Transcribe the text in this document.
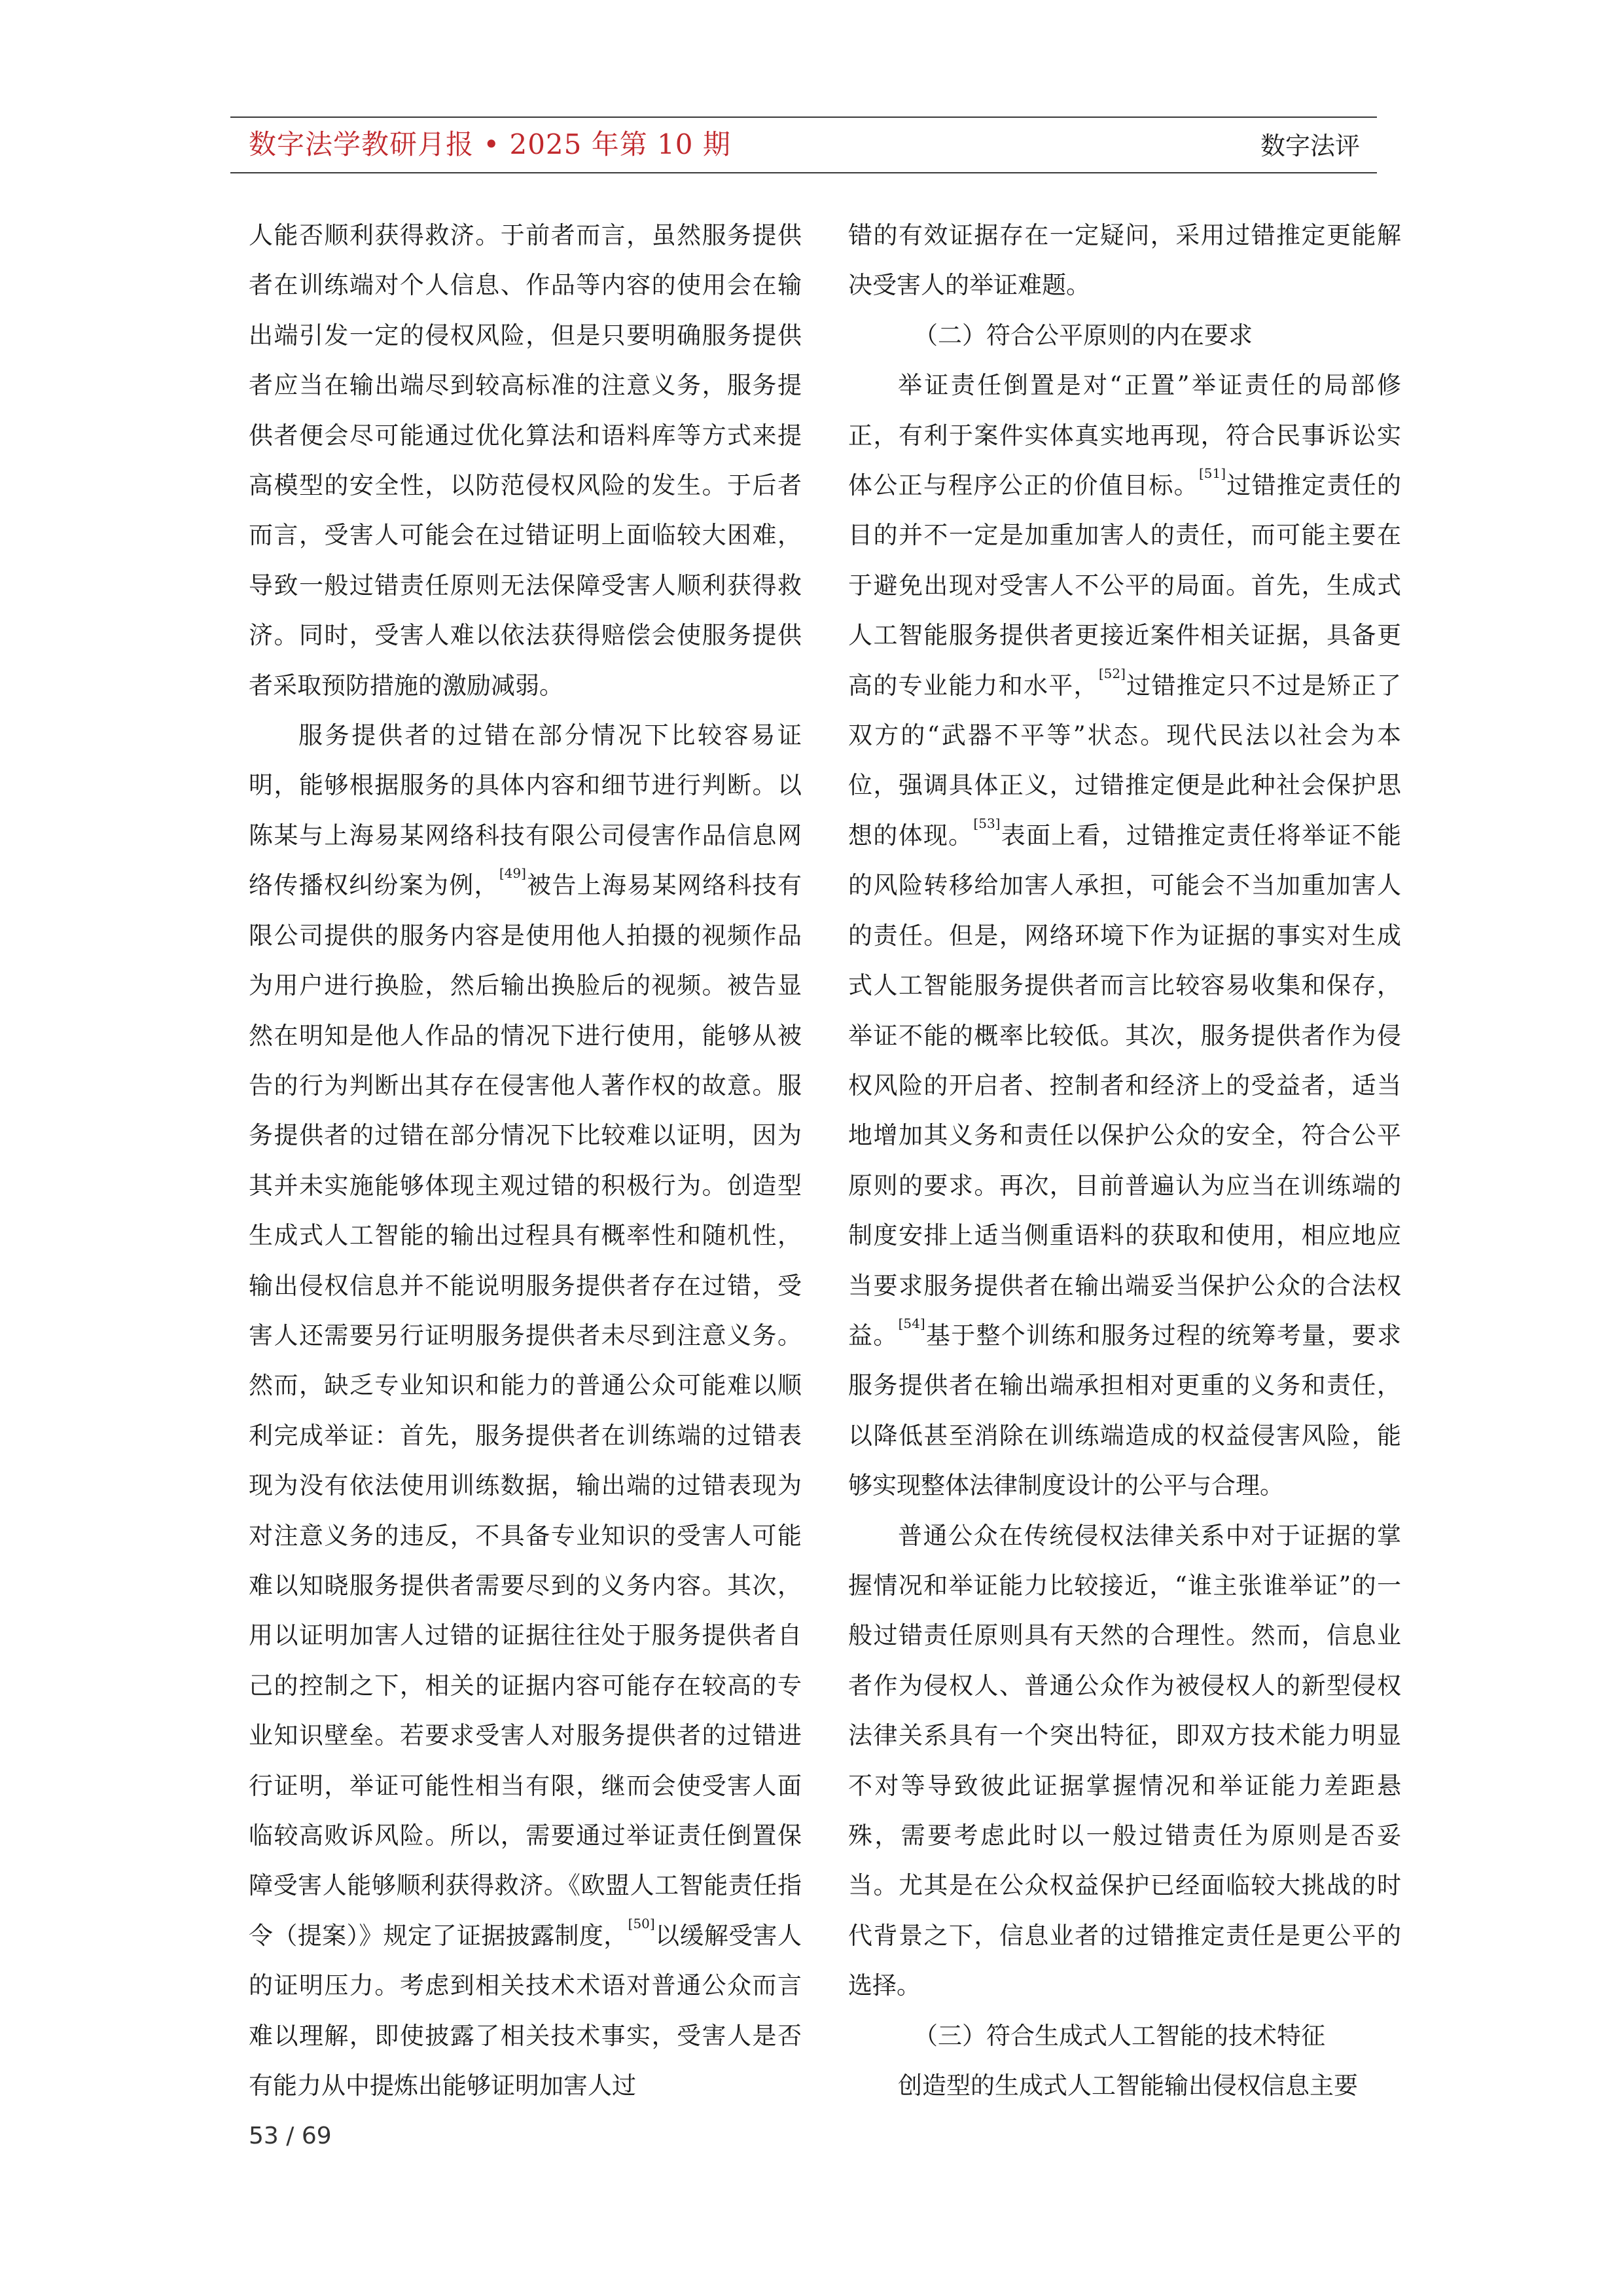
数字法学教研月报 • 2025 年第 10 期	数字法评

人能否顺利获得救济。于前者而言，虽然服务提供者在训练端对个人信息、作品等内容的使用会在输出端引发一定的侵权风险，但是只要明确服务提供者应当在输出端尽到较高标准的注意义务，服务提供者便会尽可能通过优化算法和语料库等方式来提高模型的安全性，以防范侵权风险的发生。于后者而言，受害人可能会在过错证明上面临较大困难，导致一般过错责任原则无法保障受害人顺利获得救济。同时，受害人难以依法获得赔偿会使服务提供者采取预防措施的激励减弱。

服务提供者的过错在部分情况下比较容易证明，能够根据服务的具体内容和细节进行判断。以陈某与上海易某网络科技有限公司侵害作品信息网络传播权纠纷案为例，[49]被告上海易某网络科技有限公司提供的服务内容是使用他人拍摄的视频作品为用户进行换脸，然后输出换脸后的视频。被告显然在明知是他人作品的情况下进行使用，能够从被告的行为判断出其存在侵害他人著作权的故意。服务提供者的过错在部分情况下比较难以证明，因为其并未实施能够体现主观过错的积极行为。创造型生成式人工智能的输出过程具有概率性和随机性，输出侵权信息并不能说明服务提供者存在过错，受害人还需要另行证明服务提供者未尽到注意义务。然而，缺乏专业知识和能力的普通公众可能难以顺利完成举证：首先，服务提供者在训练端的过错表现为没有依法使用训练数据，输出端的过错表现为对注意义务的违反，不具备专业知识的受害人可能难以知晓服务提供者需要尽到的义务内容。其次，用以证明加害人过错的证据往往处于服务提供者自己的控制之下，相关的证据内容可能存在较高的专业知识壁垒。若要求受害人对服务提供者的过错进行证明，举证可能性相当有限，继而会使受害人面临较高败诉风险。所以，需要通过举证责任倒置保障受害人能够顺利获得救济。《欧盟人工智能责任指令（提案）》规定了证据披露制度，[50]以缓解受害人的证明压力。考虑到相关技术术语对普通公众而言难以理解，即使披露了相关技术事实，受害人是否有能力从中提炼出能够证明加害人过

错的有效证据存在一定疑问，采用过错推定更能解决受害人的举证难题。

（二）符合公平原则的内在要求

举证责任倒置是对“正置”举证责任的局部修正，有利于案件实体真实地再现，符合民事诉讼实体公正与程序公正的价值目标。[51]过错推定责任的目的并不一定是加重加害人的责任，而可能主要在于避免出现对受害人不公平的局面。首先，生成式人工智能服务提供者更接近案件相关证据，具备更高的专业能力和水平，[52]过错推定只不过是矫正了双方的“武器不平等”状态。现代民法以社会为本位，强调具体正义，过错推定便是此种社会保护思想的体现。[53]表面上看，过错推定责任将举证不能的风险转移给加害人承担，可能会不当加重加害人的责任。但是，网络环境下作为证据的事实对生成式人工智能服务提供者而言比较容易收集和保存，举证不能的概率比较低。其次，服务提供者作为侵权风险的开启者、控制者和经济上的受益者，适当地增加其义务和责任以保护公众的安全，符合公平原则的要求。再次，目前普遍认为应当在训练端的制度安排上适当侧重语料的获取和使用，相应地应当要求服务提供者在输出端妥当保护公众的合法权益。[54]基于整个训练和服务过程的统筹考量，要求服务提供者在输出端承担相对更重的义务和责任，以降低甚至消除在训练端造成的权益侵害风险，能够实现整体法律制度设计的公平与合理。

普通公众在传统侵权法律关系中对于证据的掌握情况和举证能力比较接近，“谁主张谁举证”的一般过错责任原则具有天然的合理性。然而，信息业者作为侵权人、普通公众作为被侵权人的新型侵权法律关系具有一个突出特征，即双方技术能力明显不对等导致彼此证据掌握情况和举证能力差距悬殊，需要考虑此时以一般过错责任为原则是否妥当。尤其是在公众权益保护已经面临较大挑战的时代背景之下，信息业者的过错推定责任是更公平的选择。

（三）符合生成式人工智能的技术特征

创造型的生成式人工智能输出侵权信息主要

53 / 69
